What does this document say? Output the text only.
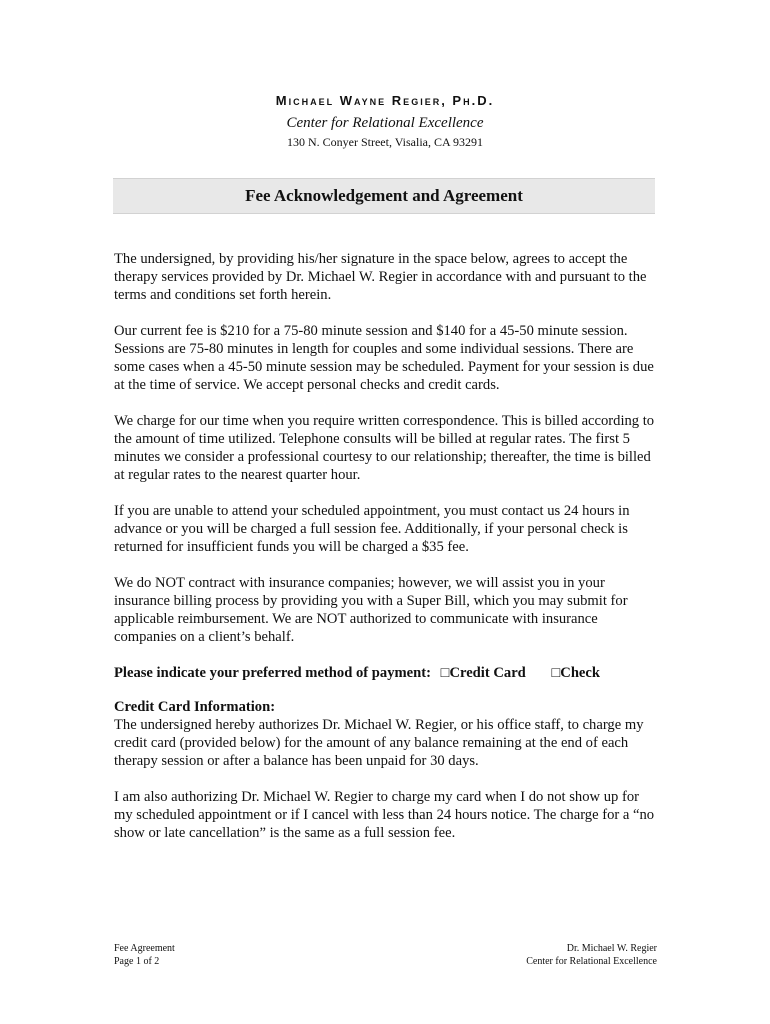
Michael Wayne Regier, Ph.D.
Center for Relational Excellence
130 N. Conyer Street, Visalia, CA 93291
Fee Acknowledgement and Agreement

The undersigned, by providing his/her signature in the space below, agrees to accept the therapy services provided by Dr. Michael W. Regier in accordance with and pursuant to the terms and conditions set forth herein.

Our current fee is $210 for a 75-80 minute session and $140 for a 45-50 minute session. Sessions are 75-80 minutes in length for couples and some individual sessions. There are some cases when a 45-50 minute session may be scheduled. Payment for your session is due at the time of service. We accept personal checks and credit cards.

We charge for our time when you require written correspondence. This is billed according to the amount of time utilized. Telephone consults will be billed at regular rates. The first 5 minutes we consider a professional courtesy to our relationship; thereafter, the time is billed at regular rates to the nearest quarter hour.

If you are unable to attend your scheduled appointment, you must contact us 24 hours in advance or you will be charged a full session fee. Additionally, if your personal check is returned for insufficient funds you will be charged a $35 fee.

We do NOT contract with insurance companies; however, we will assist you in your insurance billing process by providing you with a Super Bill, which you may submit for applicable reimbursement. We are NOT authorized to communicate with insurance companies on a client’s behalf.

Please indicate your preferred method of payment: □Credit Card □Check

Credit Card Information:
The undersigned hereby authorizes Dr. Michael W. Regier, or his office staff, to charge my credit card (provided below) for the amount of any balance remaining at the end of each therapy session or after a balance has been unpaid for 30 days.

I am also authorizing Dr. Michael W. Regier to charge my card when I do not show up for my scheduled appointment or if I cancel with less than 24 hours notice. The charge for a “no show or late cancellation” is the same as a full session fee.

Fee Agreement
Page 1 of 2
Dr. Michael W. Regier
Center for Relational Excellence
